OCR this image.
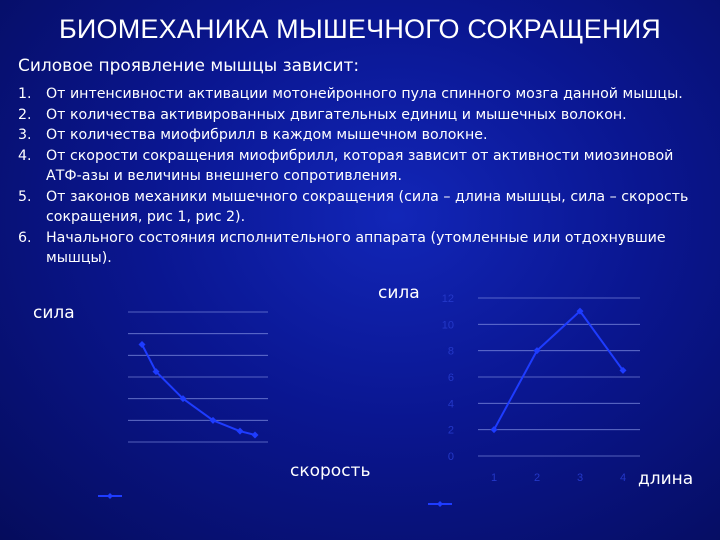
БИОМЕХАНИКА МЫШЕЧНОГО СОКРАЩЕНИЯ
Силовое проявление мышцы зависит:
1. От интенсивности активации мотонейронного пула спинного мозга данной мышцы.
2. От количества активированных двигательных единиц и мышечных волокон.
3. От количества миофибрилл в каждом мышечном волокне.
4. От скорости сокращения миофибрилл, которая зависит от активности миозиновой АТФ-азы и величины внешнего сопротивления.
5. От законов механики мышечного сокращения (сила – длина мышцы, сила – скорость сокращения, рис 1, рис 2).
6. Начального состояния исполнительного аппарата (утомленные или отдохнувшие мышцы).
сила
скорость
сила
длина
0
2
4
6
8
10
12
1	2	3	4
